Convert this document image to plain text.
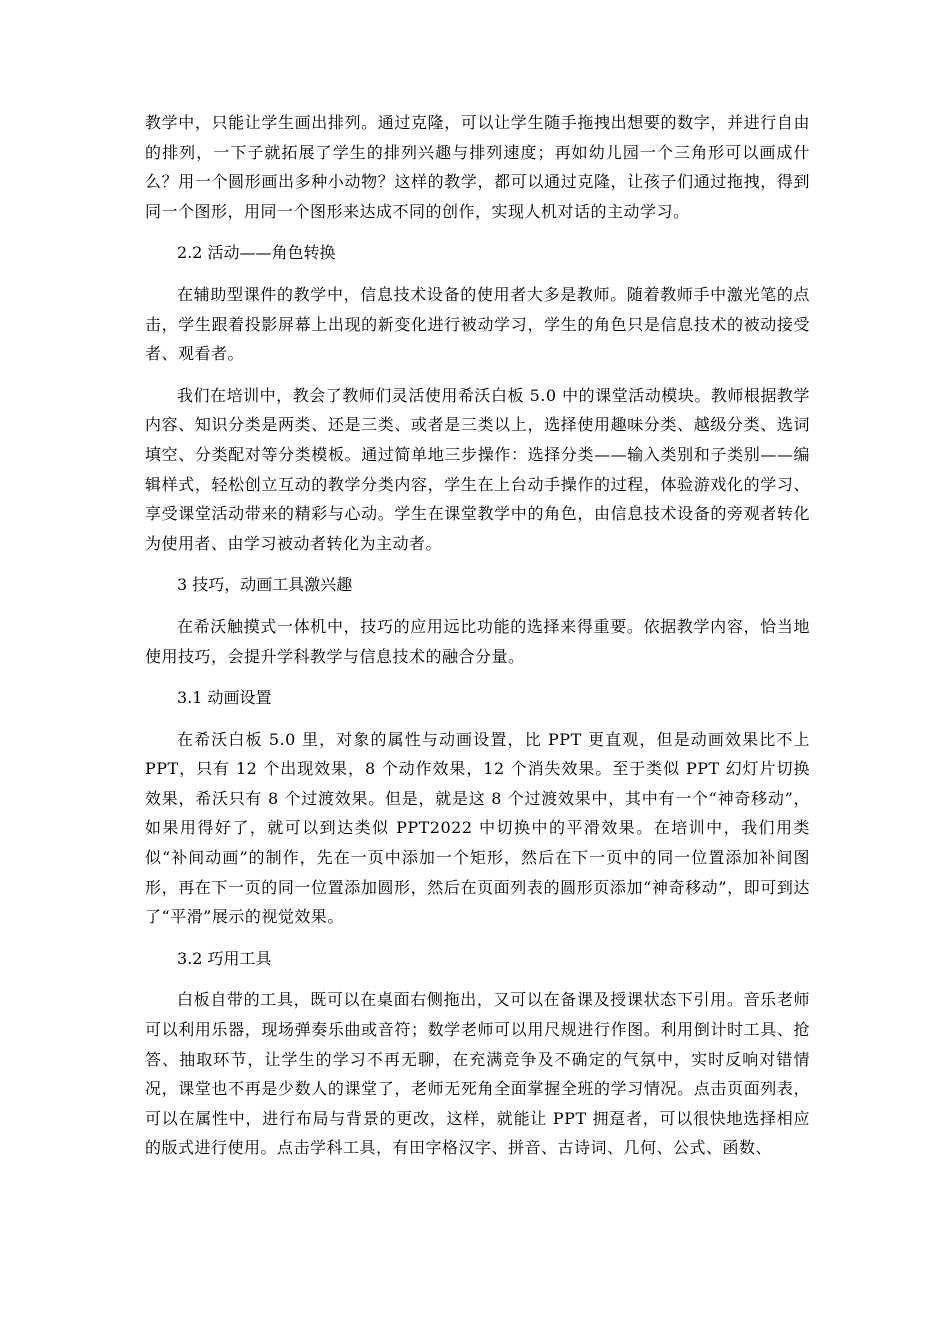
教学中，只能让学生画出排列。通过克隆，可以让学生随手拖拽出想要的数字，并进行自由的排列，一下子就拓展了学生的排列兴趣与排列速度；再如幼儿园一个三角形可以画成什么？用一个圆形画出多种小动物？这样的教学，都可以通过克隆，让孩子们通过拖拽，得到同一个图形，用同一个图形来达成不同的创作，实现人机对话的主动学习。

2.2 活动——角色转换

在辅助型课件的教学中，信息技术设备的使用者大多是教师。随着教师手中激光笔的点击，学生跟着投影屏幕上出现的新变化进行被动学习，学生的角色只是信息技术的被动接受者、观看者。

我们在培训中，教会了教师们灵活使用希沃白板 5.0 中的课堂活动模块。教师根据教学内容、知识分类是两类、还是三类、或者是三类以上，选择使用趣味分类、越级分类、选词填空、分类配对等分类模板。通过简单地三步操作：选择分类——输入类别和子类别——编辑样式，轻松创立互动的教学分类内容，学生在上台动手操作的过程，体验游戏化的学习、享受课堂活动带来的精彩与心动。学生在课堂教学中的角色，由信息技术设备的旁观者转化为使用者、由学习被动者转化为主动者。

3 技巧，动画工具激兴趣

在希沃触摸式一体机中，技巧的应用远比功能的选择来得重要。依据教学内容，恰当地使用技巧，会提升学科教学与信息技术的融合分量。

3.1 动画设置

在希沃白板 5.0 里，对象的属性与动画设置，比 PPT 更直观，但是动画效果比不上 PPT，只有 12 个出现效果，8 个动作效果，12 个消失效果。至于类似 PPT 幻灯片切换效果，希沃只有 8 个过渡效果。但是，就是这 8 个过渡效果中，其中有一个“神奇移动”，如果用得好了，就可以到达类似 PPT2022 中切换中的平滑效果。在培训中，我们用类似“补间动画”的制作，先在一页中添加一个矩形，然后在下一页中的同一位置添加补间图形，再在下一页的同一位置添加圆形，然后在页面列表的圆形页添加“神奇移动”，即可到达了“平滑”展示的视觉效果。

3.2 巧用工具

白板自带的工具，既可以在桌面右侧拖出，又可以在备课及授课状态下引用。音乐老师可以利用乐器，现场弹奏乐曲或音符；数学老师可以用尺规进行作图。利用倒计时工具、抢答、抽取环节，让学生的学习不再无聊，在充满竞争及不确定的气氛中，实时反响对错情况，课堂也不再是少数人的课堂了，老师无死角全面掌握全班的学习情况。点击页面列表，可以在属性中，进行布局与背景的更改，这样，就能让 PPT 拥趸者，可以很快地选择相应的版式进行使用。点击学科工具，有田字格汉字、拼音、古诗词、几何、公式、函数、
